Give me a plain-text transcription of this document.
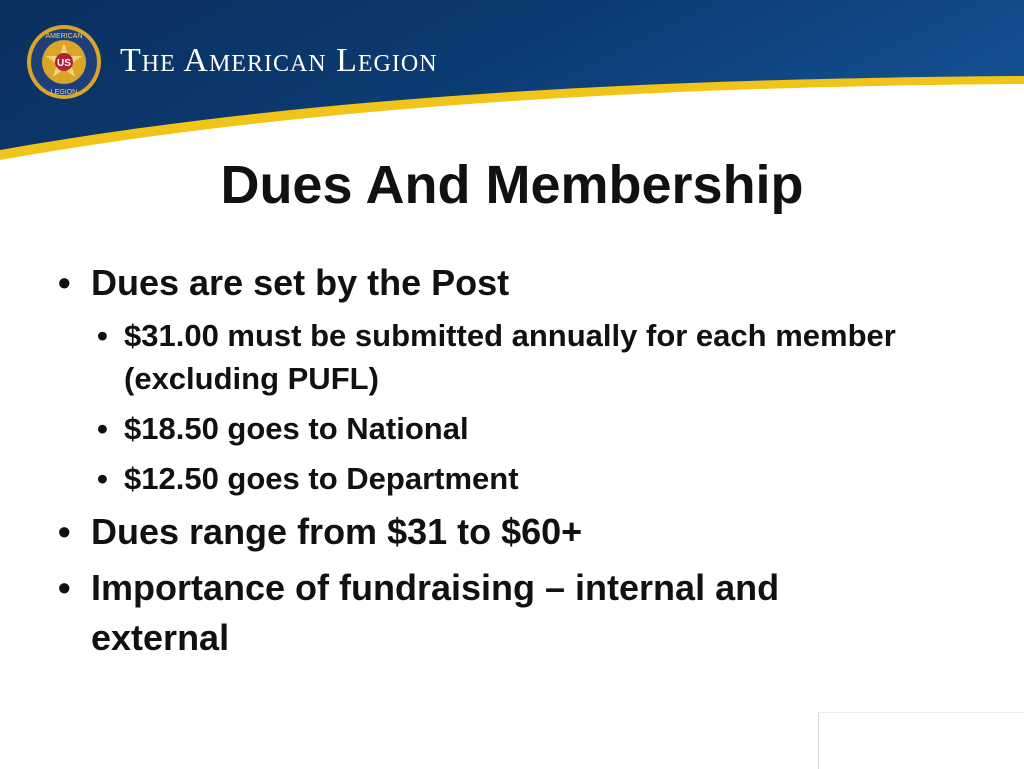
US
AMERICAN
LEGION
The American Legion
Dues And Membership
• Dues are set by the Post
• $31.00 must be submitted annually for each member (excluding PUFL)
• $18.50 goes to National
• $12.50 goes to Department
• Dues range from $31 to $60+
• Importance of fundraising – internal and external
